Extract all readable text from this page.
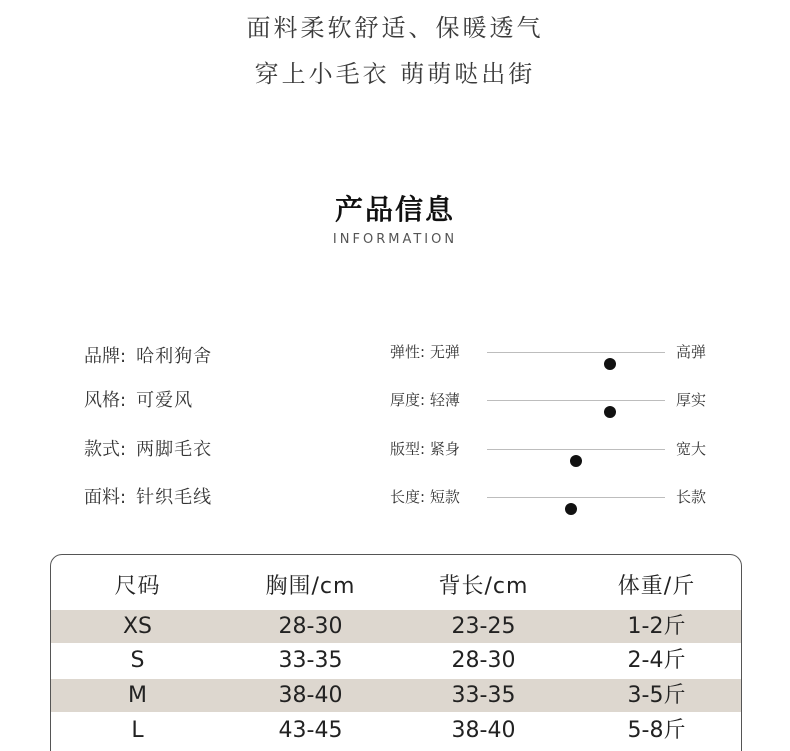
面料柔软舒适、保暖透气
穿上小毛衣 萌萌哒出街
产品信息
INFORMATION
品牌: 哈利狗舍
风格: 可爱风
款式: 两脚毛衣
面料: 针织毛线
弹性: 无弹	高弹
厚度: 轻薄	厚实
版型: 紧身	宽大
长度: 短款	长款
尺码	胸围/cm	背长/cm	体重/斤
XS	28-30	23-25	1-2斤
S	33-35	28-30	2-4斤
M	38-40	33-35	3-5斤
L	43-45	38-40	5-8斤
